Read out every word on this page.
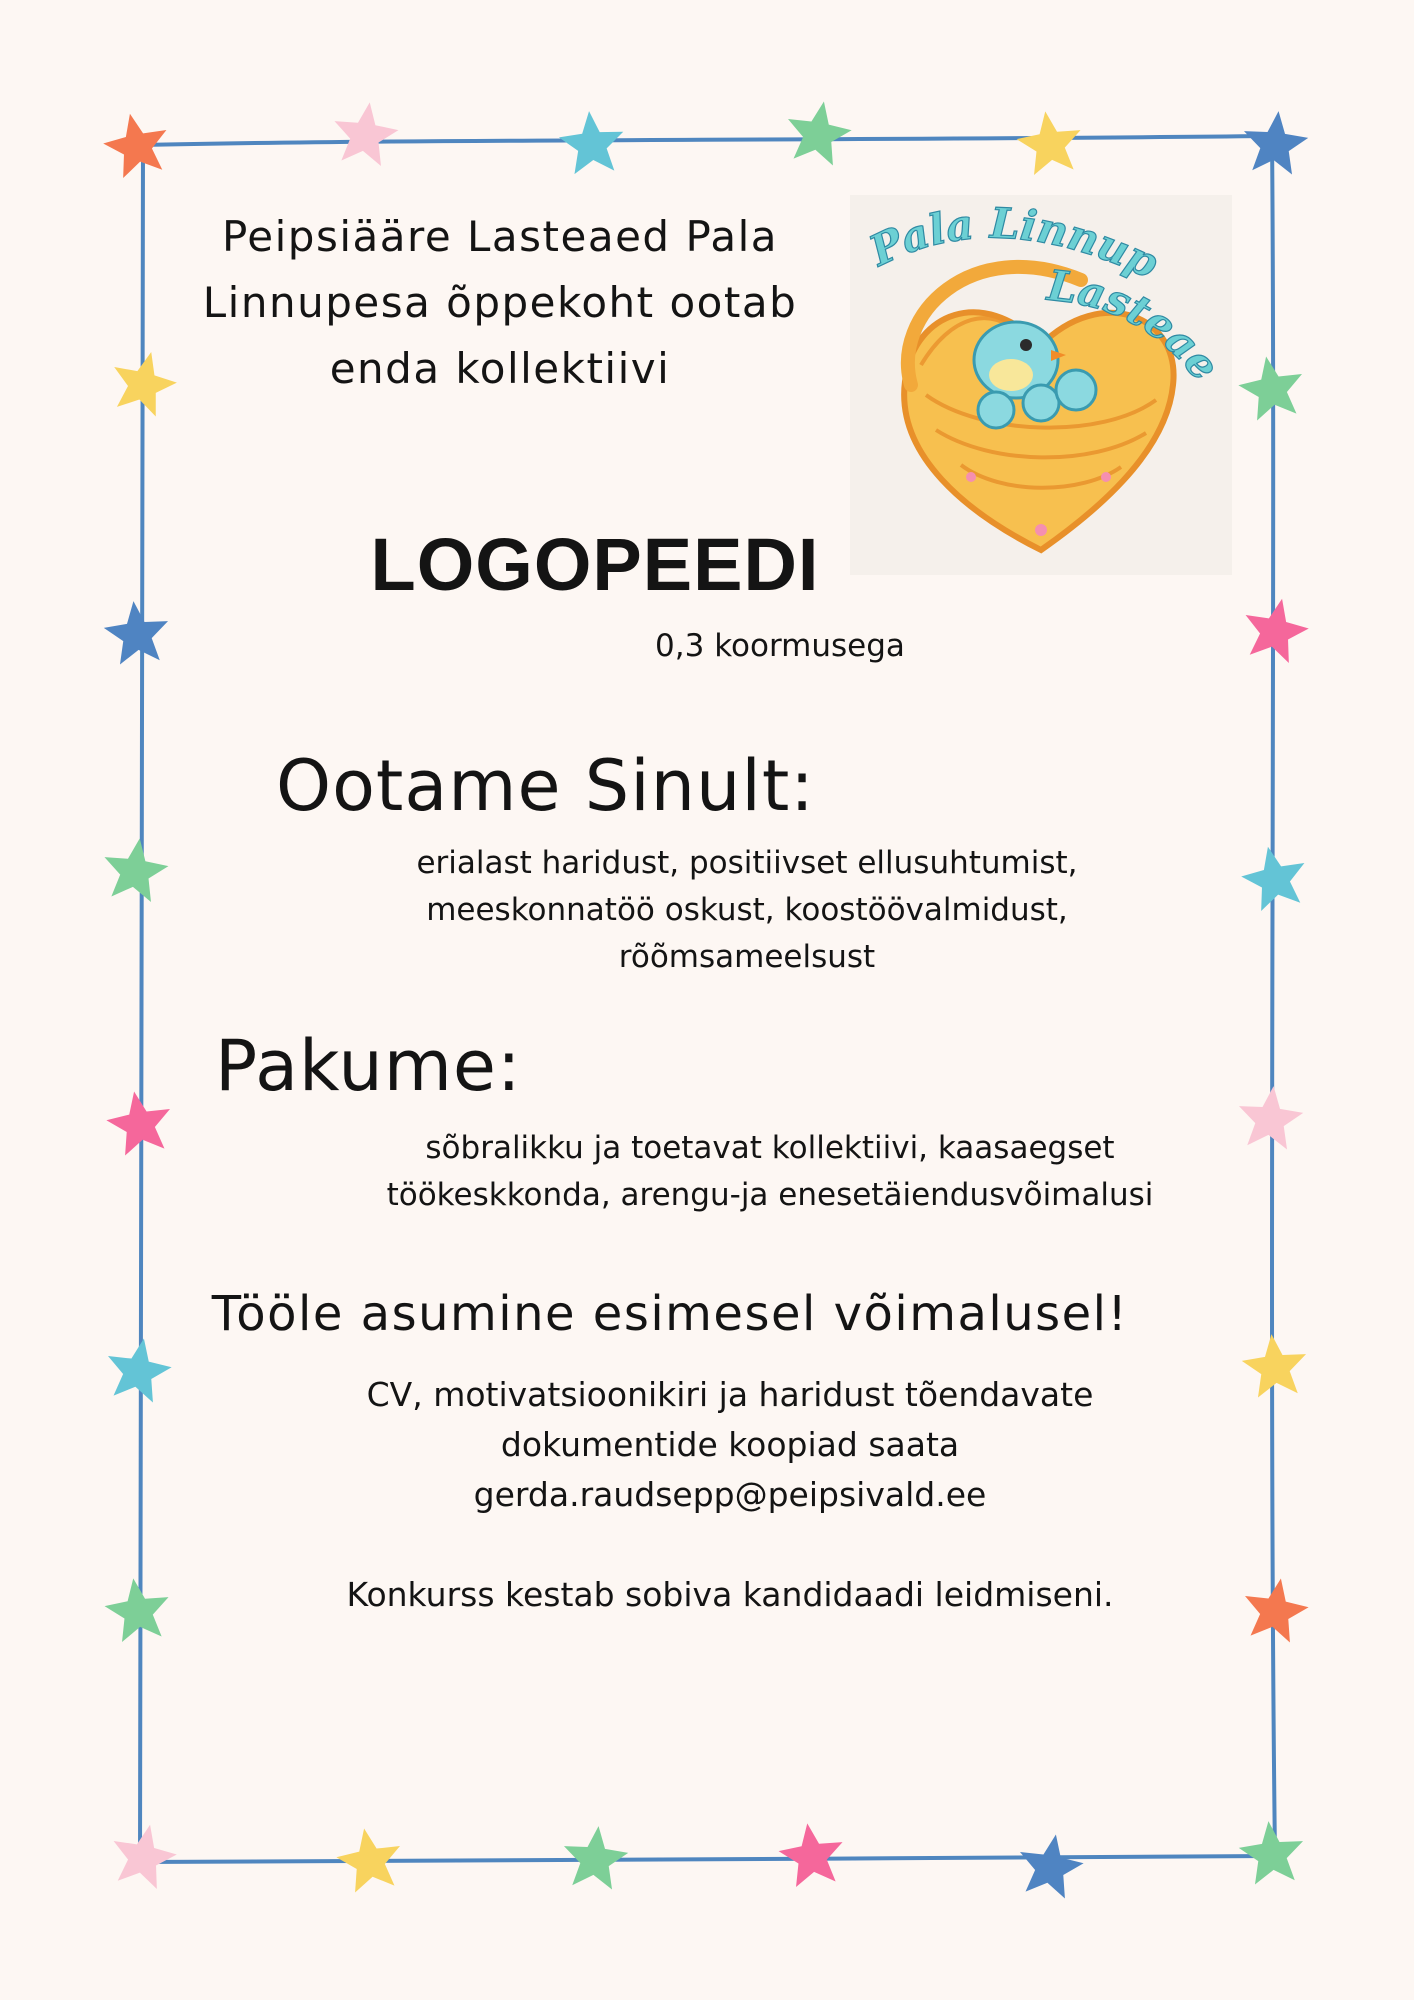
Peipsiääre Lasteaed Pala
Linnupesa õppekoht ootab
enda kollektiivi
Pala Linnup
Lasteae
LOGOPEEDI
0,3 koormusega
Ootame Sinult:
erialast haridust, positiivset ellusuhtumist,
meeskonnatöö oskust, koostöövalmidust,
rõõmsameelsust
Pakume:
sõbralikku ja toetavat kollektiivi, kaasaegset
töökeskkonda, arengu-ja enesetäiendusvõimalusi
Tööle asumine esimesel võimalusel!
CV, motivatsioonikiri ja haridust tõendavate
dokumentide koopiad saata
gerda.raudsepp@peipsivald.ee
Konkurss kestab sobiva kandidaadi leidmiseni.
